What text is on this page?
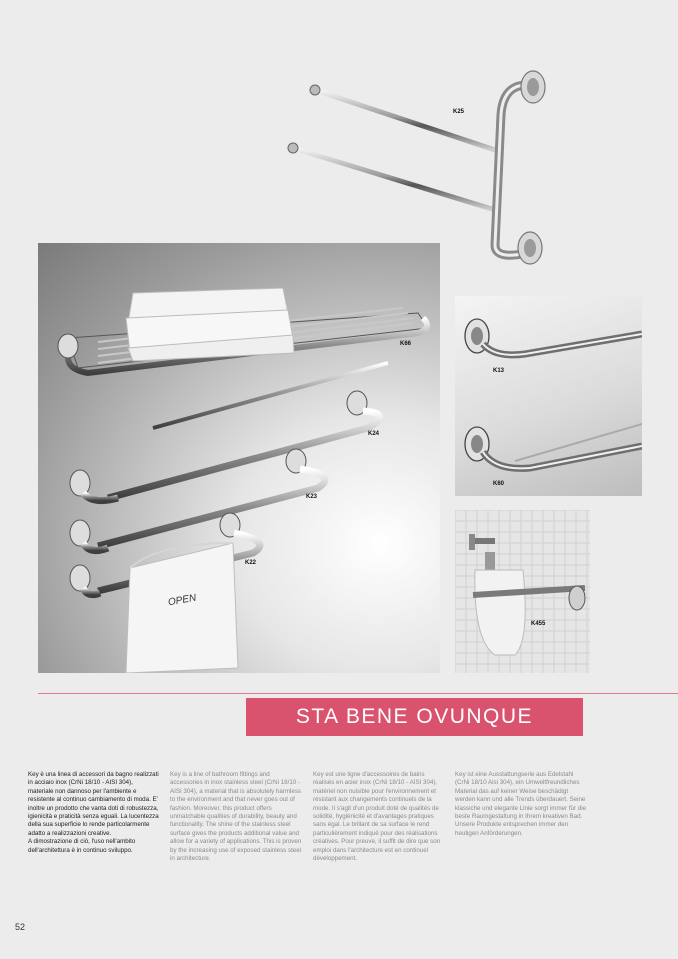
K25
OPEN
K66
K24
K23
K22
K13
K60
K455
STA BENE OVUNQUE

Key è una linea di accessori da bagno realizzati in acciaio inox (CrNi 18/10 - AISI 304), materiale non dannoso per l'ambiente e resistente al continuo cambiamento di moda. E' inoltre un prodotto che vanta doti di robustezza, igienicità e praticità senza eguali. La lucentezza della sua superficie lo rende particolarmente adatto a realizzazioni creative.

A dimostrazione di ciò, l'uso nell'ambito dell'architettura è in continuo sviluppo.

Key is a line of bathroom fittings and accessories in inox stainless steel (CrNi 18/10 - AISI 304), a material that is absolutely harmless to the environment and that never goes out of fashion. Moreover, this product offers unmatchable qualities of durability, beauty and functionality. The shine of the stainless steel surface gives the products additional value and allow for a variety of applications. This is proven by the increasing use of exposed stainless steel in architecture.

Key est une ligne d'accessoires de bains réalisés en acier inox (CrNi 18/10 - AISI 304), matériel non nuisible pour l'environnement et résistant aux changements continuels de la mode. Il s'agit d'un produit doté de qualités de solidité, hygiénicité et d'avantages pratiques sans égal. Le brillant de sa surface le rend particulièrement indiqué pour des réalisations créatives. Pour preuve, il suffit de dire que son emploi dans l'architecture est en continuel développement.

Key ist eine Ausstattungserie aus Edelstahl (CrNi 18/10 Aisi 304), ein Umweltfreundliches Material das auf keiner Weise beschädigt werden kann und alle Trends überdauert. Seine klassiche und elegante Linie sorgt immer für die beste Raumgestaltung in Ihrem kreativen Bad. Unsere Produkte entsprechen immer den heutigen Anförderungen.

52
